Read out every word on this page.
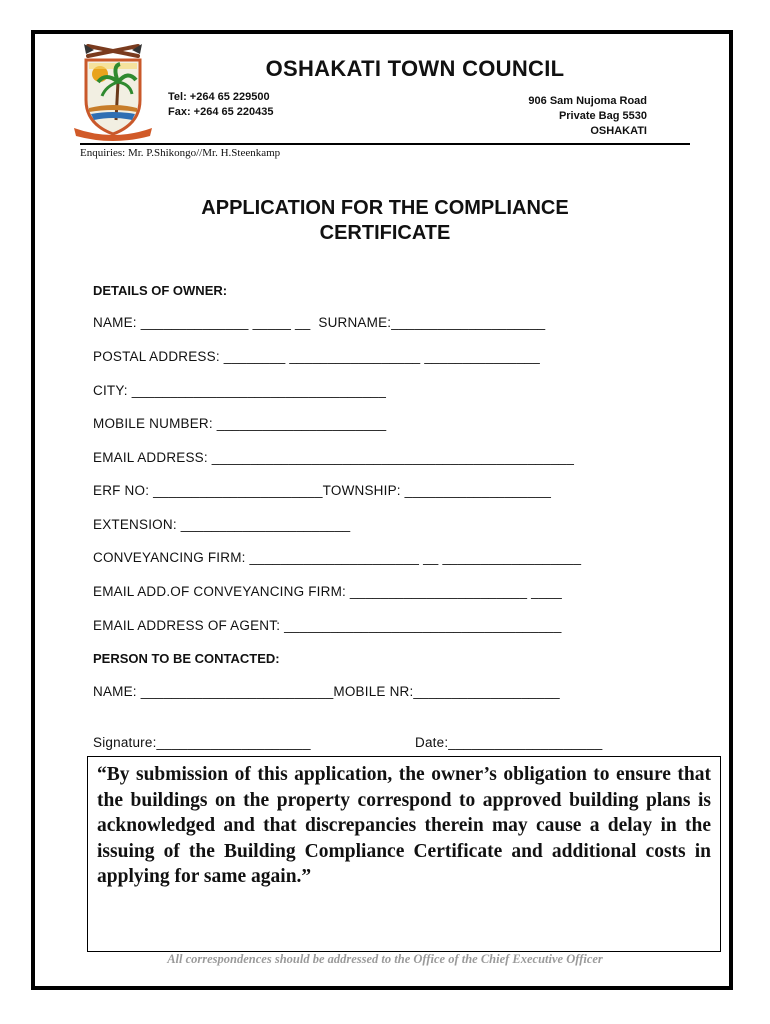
OSHAKATI TOWN COUNCIL
Tel: +264 65 229500
Fax: +264 65 220435
906 Sam Nujoma Road
Private Bag 5530
OSHAKATI
Enquiries: Mr. P.Shikongo//Mr. H.Steenkamp
APPLICATION FOR THE COMPLIANCE
CERTIFICATE
DETAILS OF OWNER:
NAME: ______________ _____ __  SURNAME:____________________
POSTAL ADDRESS: ________ _________________ _______________
CITY: _________________________________
MOBILE NUMBER: ______________________
EMAIL ADDRESS: _______________________________________________
ERF NO: ______________________TOWNSHIP: ___________________
EXTENSION: ______________________
CONVEYANCING FIRM: ______________________ __ __________________
EMAIL ADD.OF CONVEYANCING FIRM: _______________________ ____
EMAIL ADDRESS OF AGENT: ____________________________________
PERSON TO BE CONTACTED:
NAME: _________________________MOBILE NR:___________________
Signature:____________________	Date:____________________
“By submission of this application, the owner’s obligation to ensure that the buildings on the property correspond to approved building plans is acknowledged and that discrepancies therein may cause a delay in the issuing of the Building Compliance Certificate and additional costs in applying for same again.”
All correspondences should be addressed to the Office of the Chief Executive Officer
